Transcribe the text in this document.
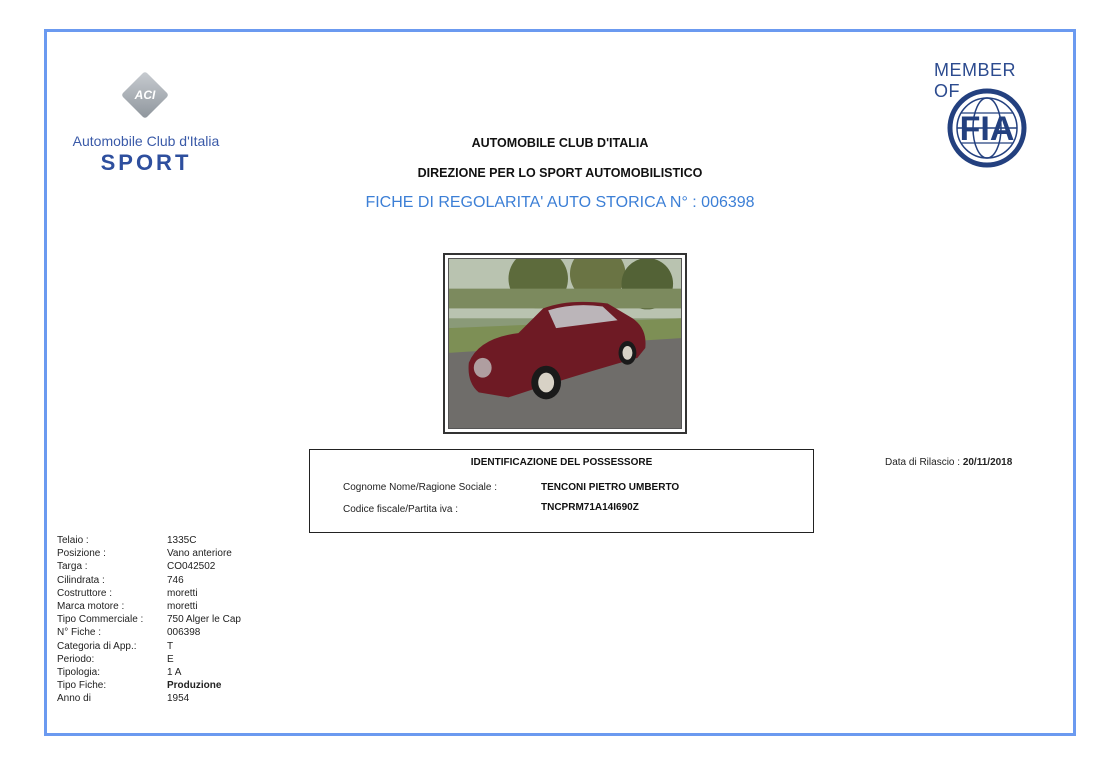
ACI
Automobile Club d'Italia
SPORT
MEMBER OF
FIA
AUTOMOBILE CLUB D'ITALIA
DIREZIONE PER LO SPORT AUTOMOBILISTICO
FICHE DI REGOLARITA' AUTO STORICA N° : 006398
IDENTIFICAZIONE DEL POSSESSORE
Cognome Nome/Ragione Sociale :	TENCONI PIETRO UMBERTO
Codice fiscale/Partita iva :	TNCPRM71A14I690Z
Data di Rilascio : 20/11/2018
Telaio :	1335C
Posizione :	Vano anteriore
Targa :	CO042502
Cilindrata :	746
Costruttore :	moretti
Marca motore :	moretti
Tipo Commerciale :	750 Alger le Cap
N° Fiche :	006398
Categoria di App.:	T
Periodo:	E
Tipologia:	1 A
Tipo Fiche:	Produzione
Anno di	1954
